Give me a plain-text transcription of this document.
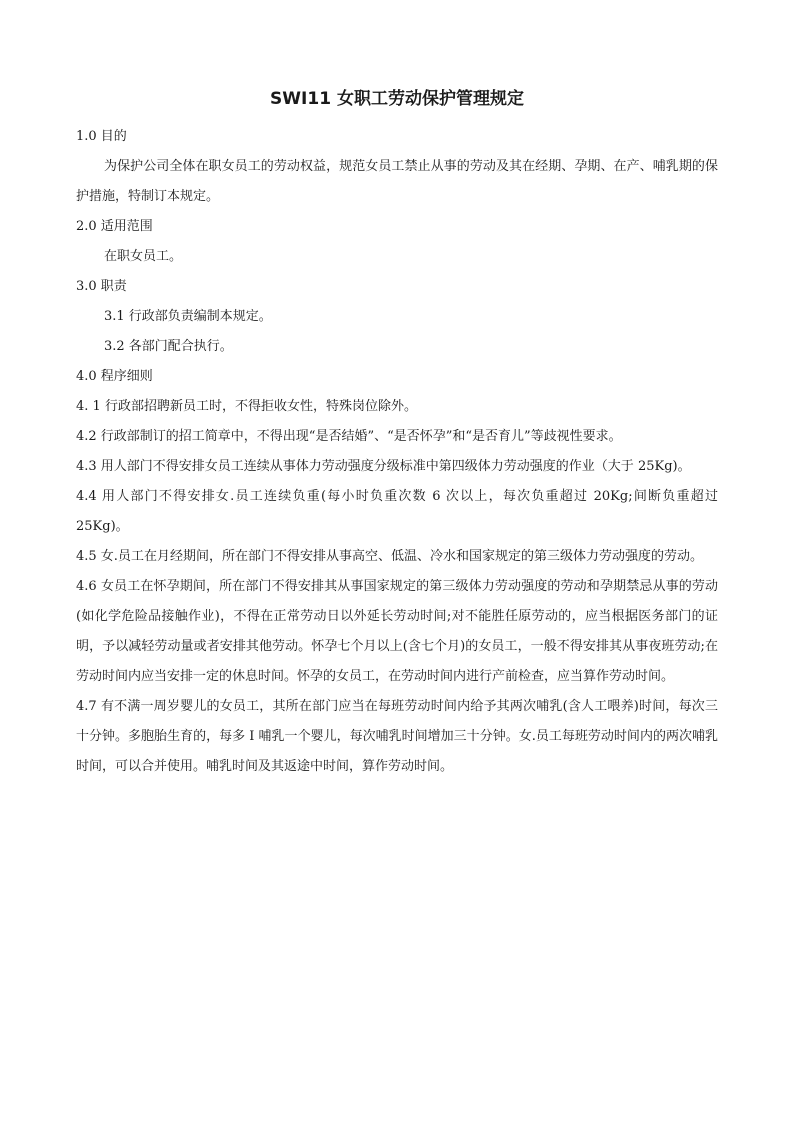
SWI11 女职工劳动保护管理规定

1.0 目的

为保护公司全体在职女员工的劳动权益，规范女员工禁止从事的劳动及其在经期、孕期、在产、哺乳期的保护措施，特制订本规定。

2.0 适用范围

在职女员工。

3.0 职责

3.1 行政部负责编制本规定。

3.2 各部门配合执行。

4.0 程序细则

4. 1 行政部招聘新员工时，不得拒收女性，特殊岗位除外。

4.2 行政部制订的招工简章中，不得出现“是否结婚”、“是否怀孕”和“是否育儿”等歧视性要求。

4.3 用人部门不得安排女员工连续从事体力劳动强度分级标准中第四级体力劳动强度的作业（大于 25Kg)。

4.4 用人部门不得安排女.员工连续负重(每小时负重次数 6 次以上，每次负重超过 20Kg;间断负重超过 25Kg)。

4.5 女.员工在月经期间，所在部门不得安排从事高空、低温、冷水和国家规定的第三级体力劳动强度的劳动。

4.6 女员工在怀孕期间，所在部门不得安排其从事国家规定的第三级体力劳动强度的劳动和孕期禁忌从事的劳动(如化学危险品接触作业)，不得在正常劳动日以外延长劳动时间;对不能胜任原劳动的，应当根据医务部门的证明，予以减轻劳动量或者安排其他劳动。怀孕七个月以上(含七个月)的女员工，一般不得安排其从事夜班劳动;在劳动时间内应当安排一定的休息时间。怀孕的女员工，在劳动时间内进行产前检查，应当算作劳动时间。

4.7 有不满一周岁婴儿的女员工，其所在部门应当在每班劳动时间内给予其两次哺乳(含人工喂养)时间，每次三十分钟。多胞胎生育的，每多 I 哺乳一个婴儿，每次哺乳时间增加三十分钟。女.员工每班劳动时间内的两次哺乳时间，可以合并使用。哺乳时间及其返途中时间，算作劳动时间。
